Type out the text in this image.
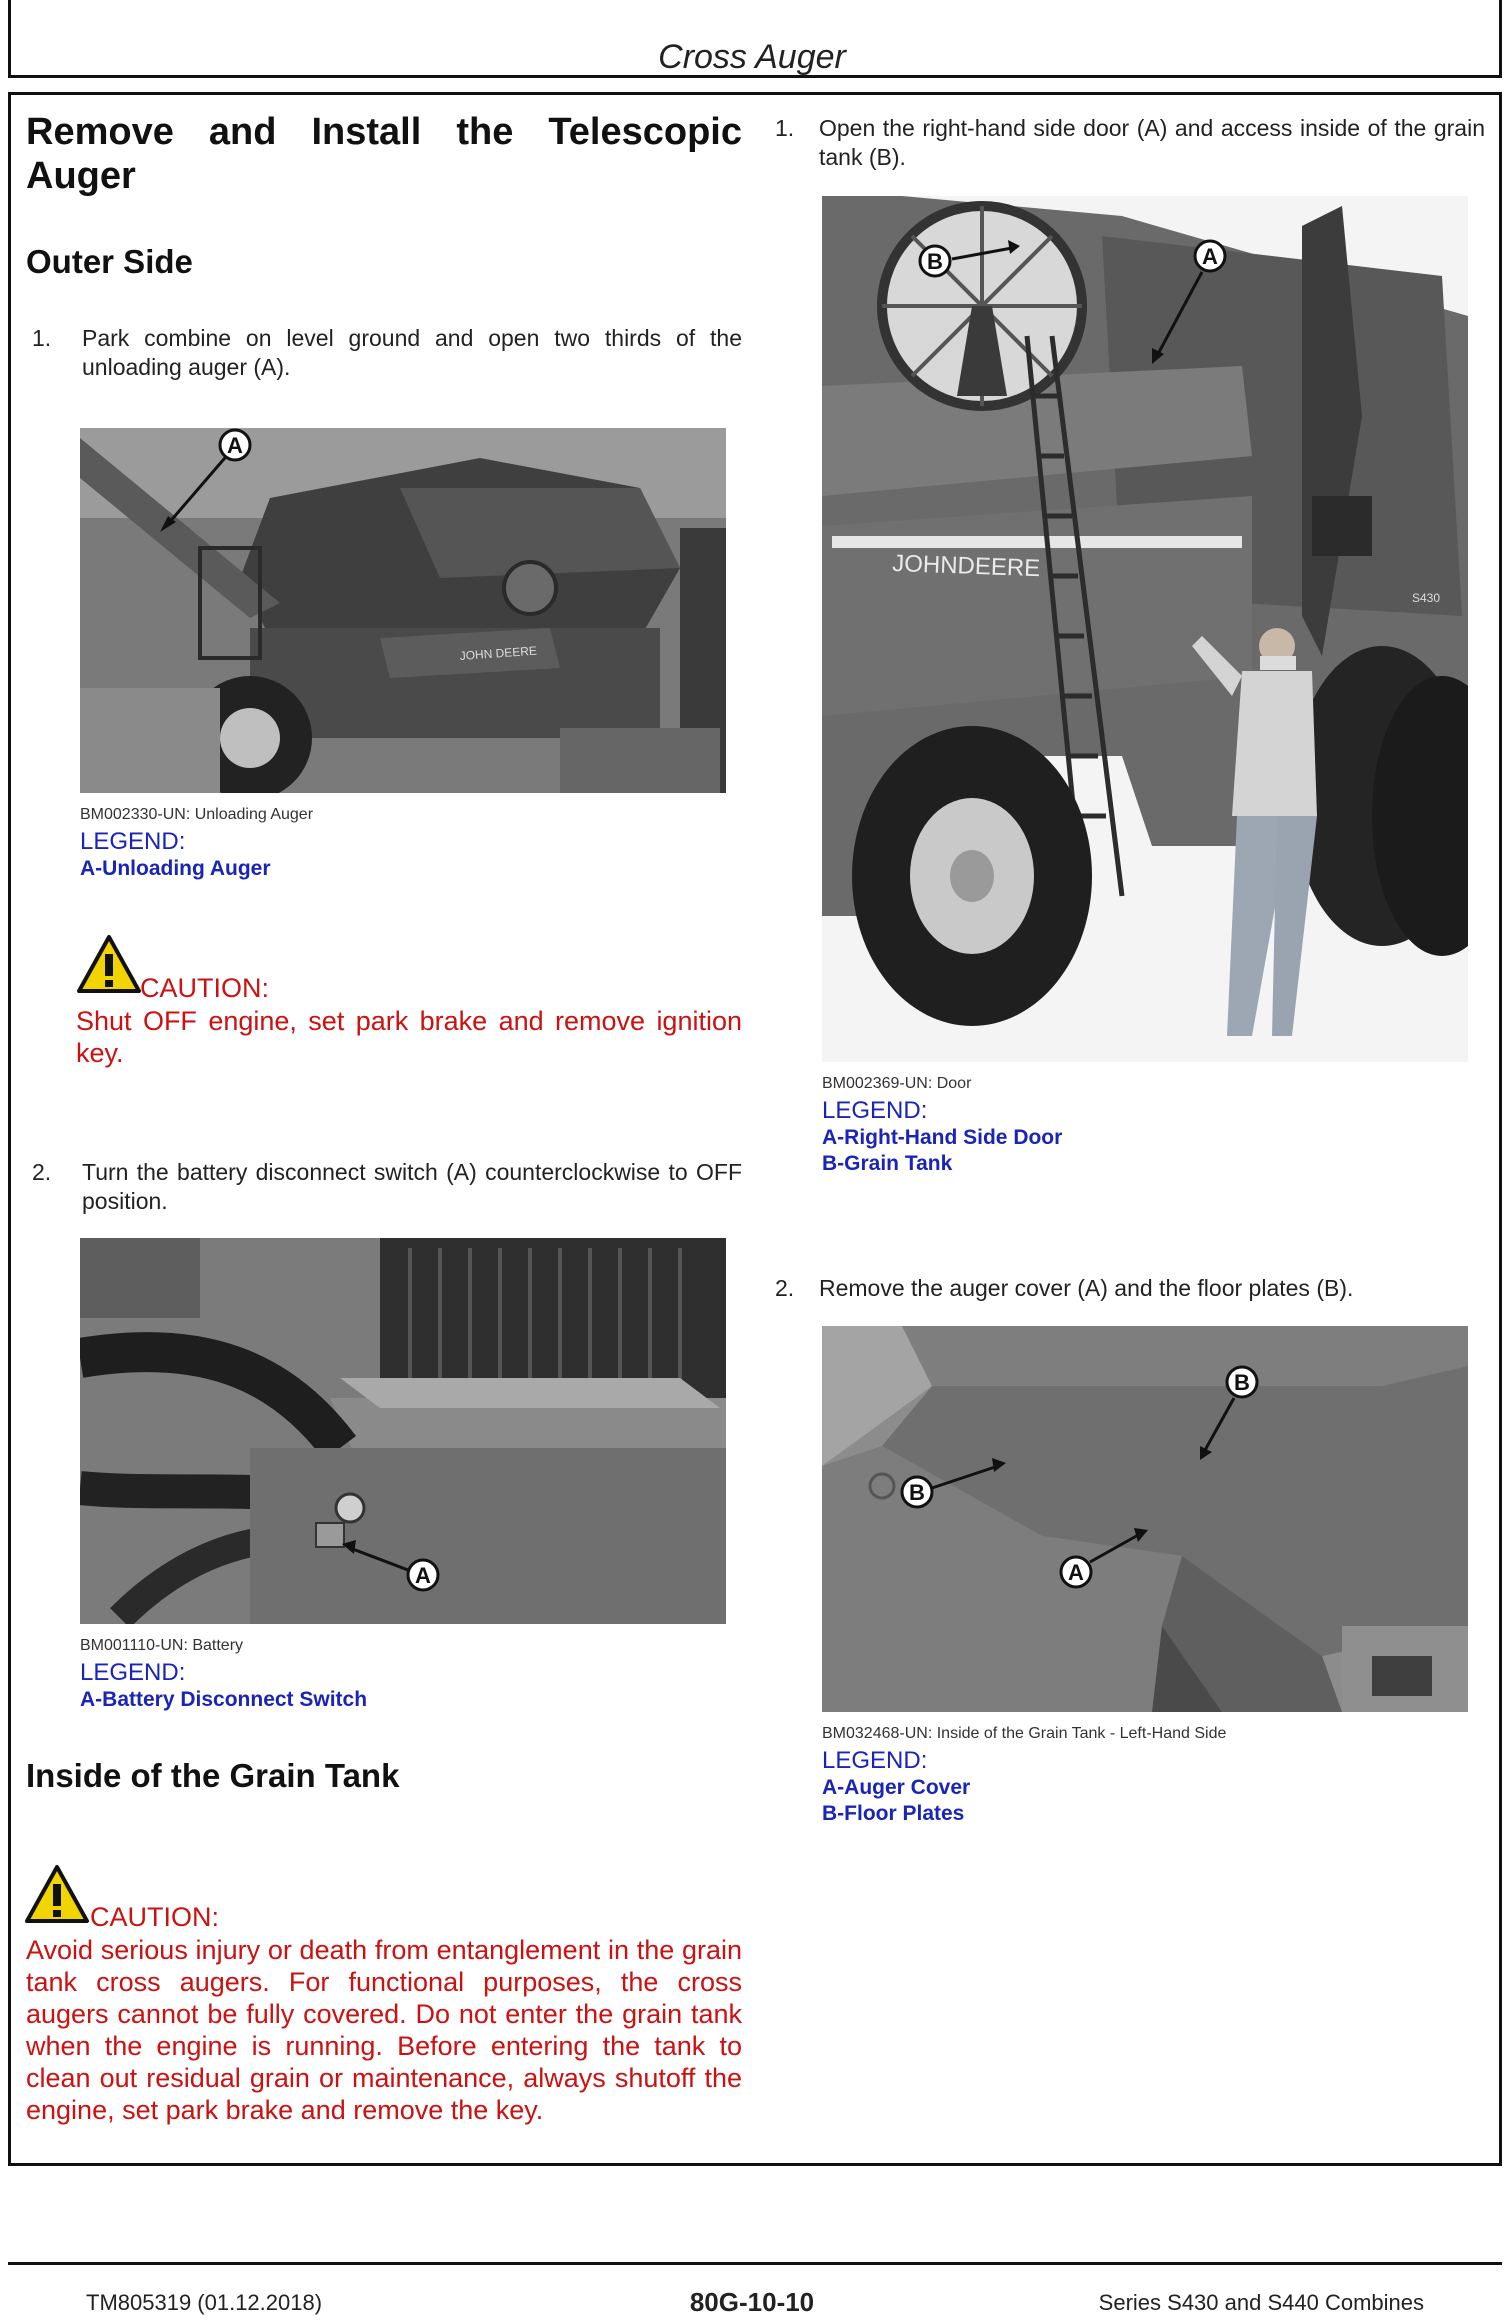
Cross Auger
Remove and Install the Telescopic Auger
Outer Side
1.	Park combine on level ground and open two thirds of the unloading auger (A).
JOHN DEERE
A
BM002330-UN: Unloading Auger
LEGEND:
A-Unloading Auger
CAUTION:
Shut OFF engine, set park brake and remove ignition key.
2.	Turn the battery disconnect switch (A) counterclockwise to OFF position.
A
BM001110-UN: Battery
LEGEND:
A-Battery Disconnect Switch
Inside of the Grain Tank
CAUTION:
Avoid serious injury or death from entanglement in the grain tank cross augers. For functional purposes, the cross augers cannot be fully covered. Do not enter the grain tank when the engine is running. Before entering the tank to clean out residual grain or maintenance, always shutoff the engine, set park brake and remove the key.
1.	Open the right-hand side door (A) and access inside of the grain tank (B).
JOHNDEERE
S430
B	A
BM002369-UN: Door
LEGEND:
A-Right-Hand Side Door
B-Grain Tank
2.	Remove the auger cover (A) and the floor plates (B).
B
B
A
BM032468-UN: Inside of the Grain Tank - Left-Hand Side
LEGEND:
A-Auger Cover
B-Floor Plates
TM805319 (01.12.2018)	80G-10-10	Series S430 and S440 Combines
